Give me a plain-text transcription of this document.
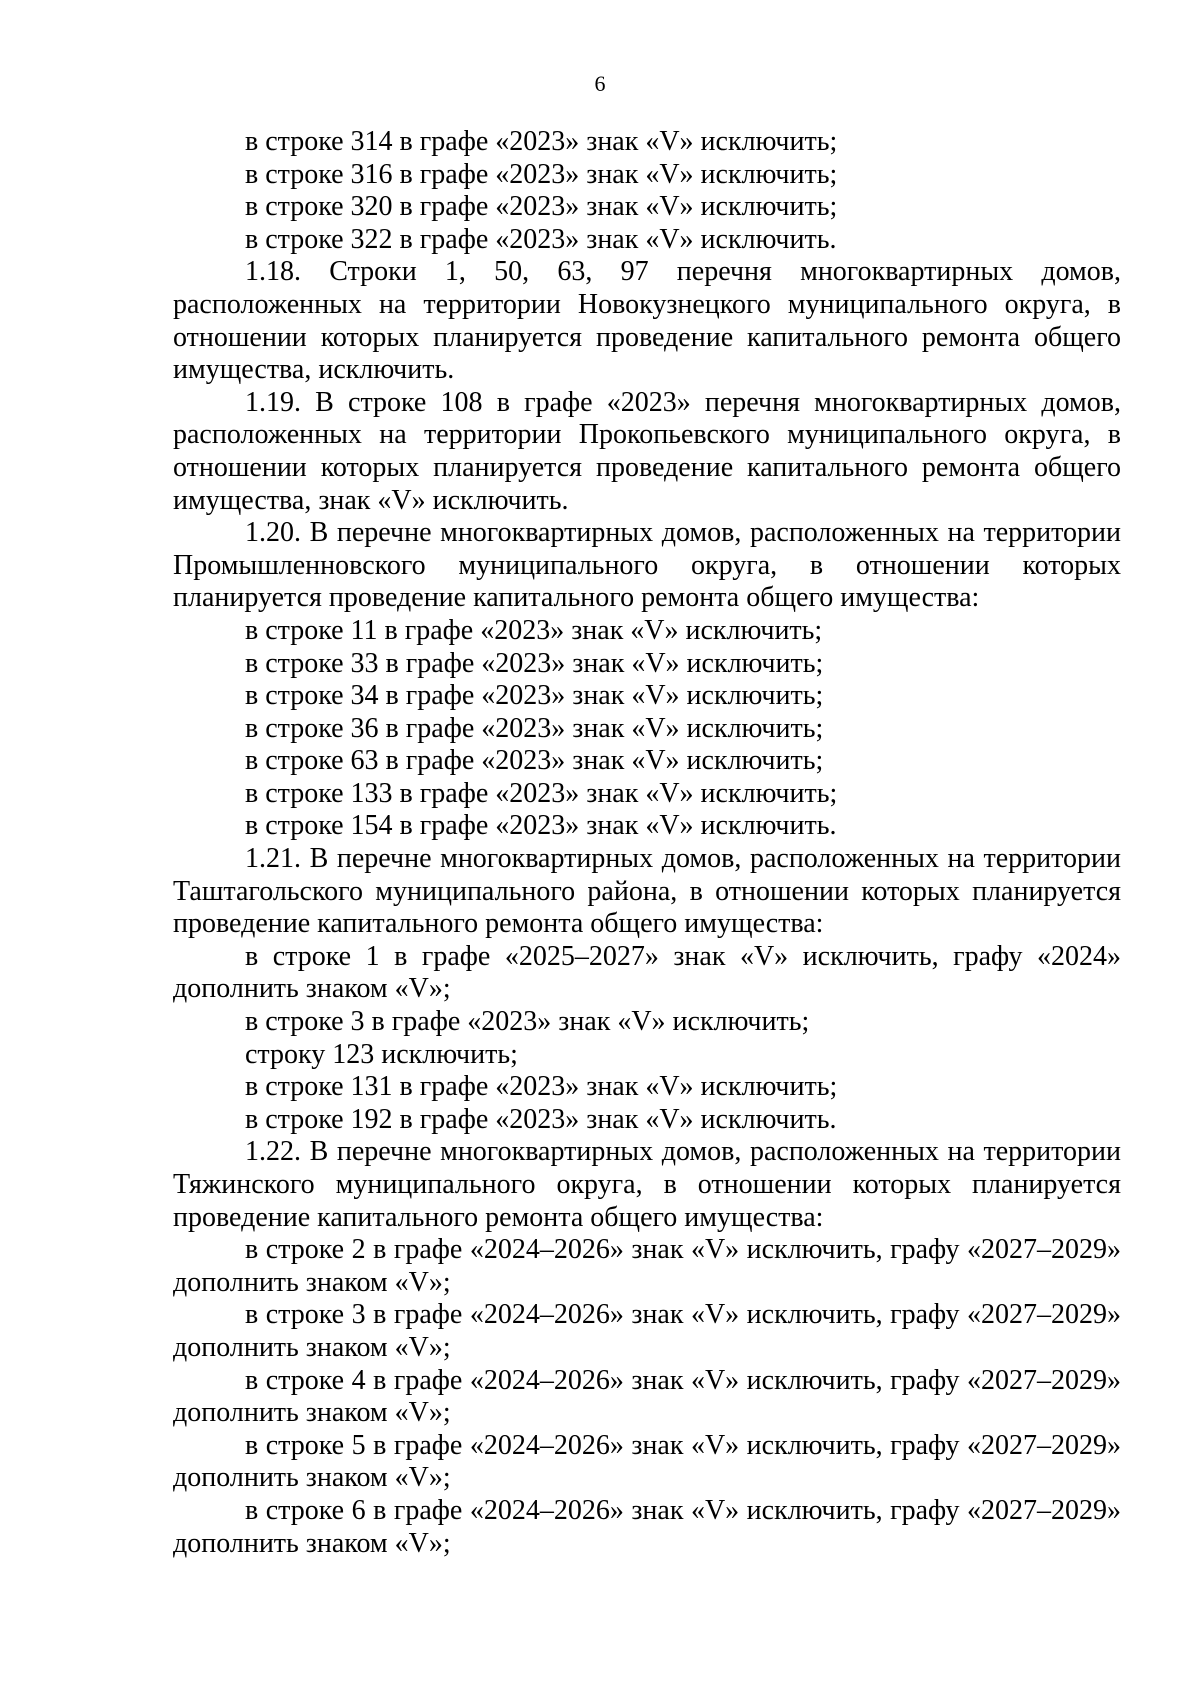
6

в строке 314 в графе «2023» знак «V» исключить;

в строке 316 в графе «2023» знак «V» исключить;

в строке 320 в графе «2023» знак «V» исключить;

в строке 322 в графе «2023» знак «V» исключить.

1.18. Строки 1, 50, 63, 97 перечня многоквартирных домов, расположенных на территории Новокузнецкого муниципального округа, в отношении которых планируется проведение капитального ремонта общего имущества, исключить.

1.19. В строке 108 в графе «2023» перечня многоквартирных домов, расположенных на территории Прокопьевского муниципального округа, в отношении которых планируется проведение капитального ремонта общего имущества, знак «V» исключить.

1.20. В перечне многоквартирных домов, расположенных на территории Промышленновского муниципального округа, в отношении которых планируется проведение капитального ремонта общего имущества:

в строке 11 в графе «2023» знак «V» исключить;

в строке 33 в графе «2023» знак «V» исключить;

в строке 34 в графе «2023» знак «V» исключить;

в строке 36 в графе «2023» знак «V» исключить;

в строке 63 в графе «2023» знак «V» исключить;

в строке 133 в графе «2023» знак «V» исключить;

в строке 154 в графе «2023» знак «V» исключить.

1.21. В перечне многоквартирных домов, расположенных на территории Таштагольского муниципального района, в отношении которых планируется проведение капитального ремонта общего имущества:

в строке 1 в графе «2025–2027» знак «V» исключить, графу «2024» дополнить знаком «V»;

в строке 3 в графе «2023» знак «V» исключить;

строку 123 исключить;

в строке 131 в графе «2023» знак «V» исключить;

в строке 192 в графе «2023» знак «V» исключить.

1.22. В перечне многоквартирных домов, расположенных на территории Тяжинского муниципального округа, в отношении которых планируется проведение капитального ремонта общего имущества:

в строке 2 в графе «2024–2026» знак «V» исключить, графу «2027–2029» дополнить знаком «V»;

в строке 3 в графе «2024–2026» знак «V» исключить, графу «2027–2029» дополнить знаком «V»;

в строке 4 в графе «2024–2026» знак «V» исключить, графу «2027–2029» дополнить знаком «V»;

в строке 5 в графе «2024–2026» знак «V» исключить, графу «2027–2029» дополнить знаком «V»;

в строке 6 в графе «2024–2026» знак «V» исключить, графу «2027–2029» дополнить знаком «V»;
